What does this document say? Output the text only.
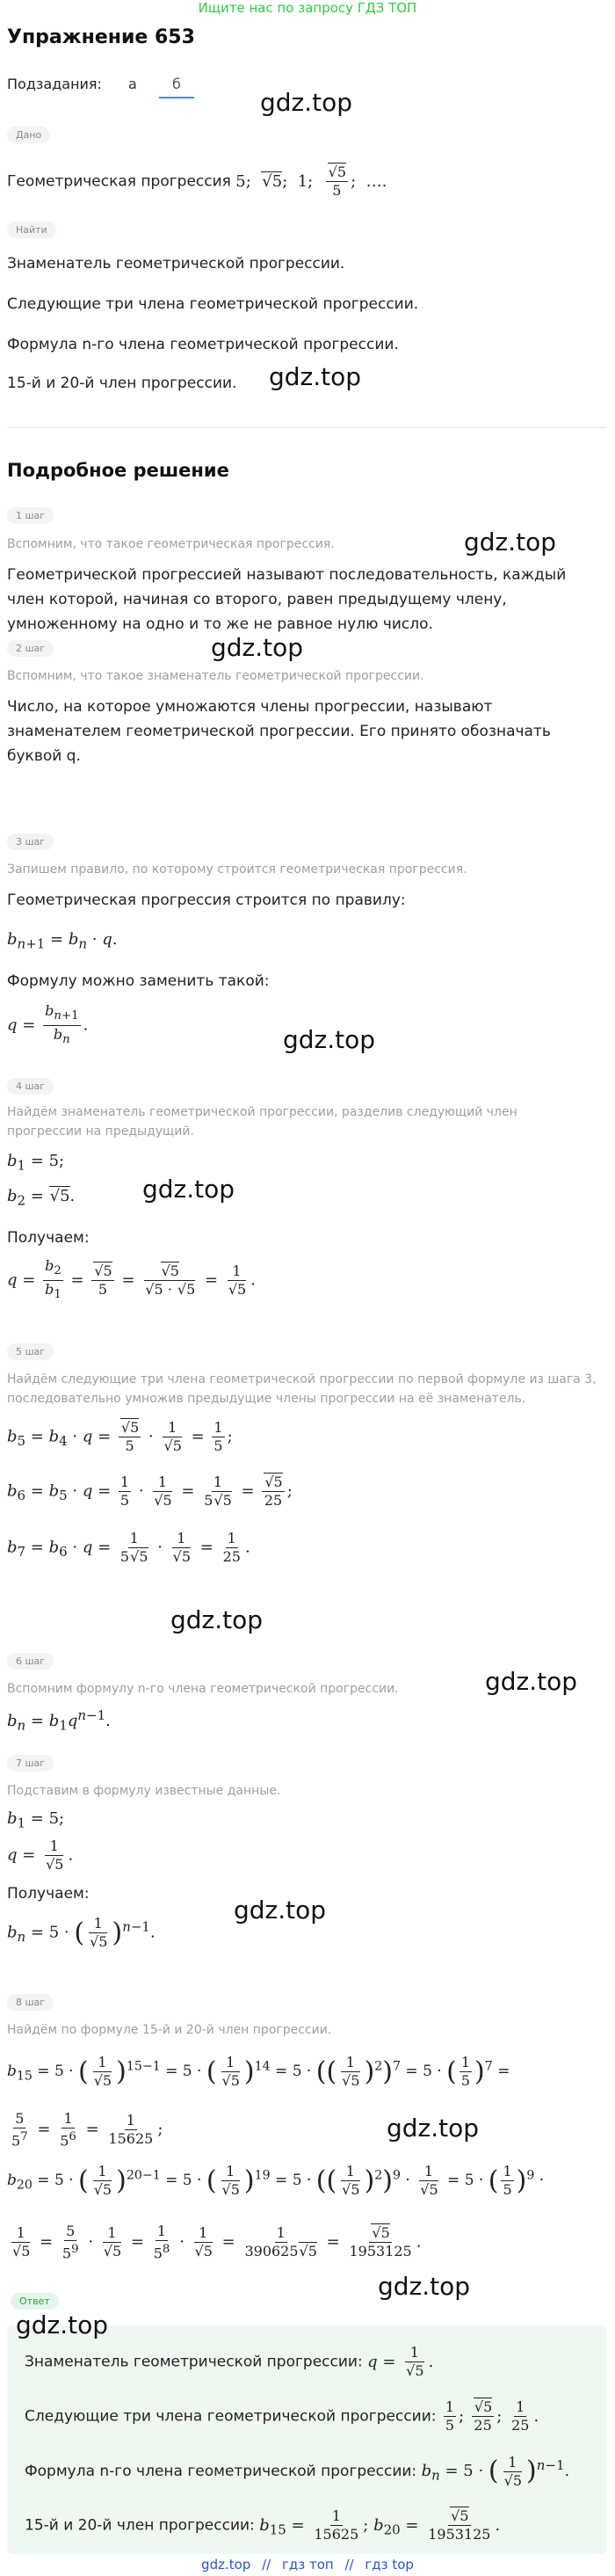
Ищите нас по запросу ГДЗ ТОП
Упражнение 653
Подзадания: а	б
gdz.top
Дано
Геометрическая прогрессия 5;  √ 5;  1; √ $\frac{5}{5}$ ;  ….
Найти
Знаменатель геометрической прогрессии.
Следующие три члена геометрической прогрессии.
Формула n-го члена геометрической прогрессии.
15-й и 20-й член прогрессии. gdz.top
Подробное решение
1 шаг
Вспомним, что такое геометрическая прогрессия.	gdz.top
Геометрической прогрессией называют последовательность, каждый член которой, начиная со второго, равен предыдущему члену, умноженному на одно и то же не равное нулю число.
2 шаг	gdz.top
Вспомним, что такое знаменатель геометрической прогрессии.
Число, на которое умножаются члены прогрессии, называют знаменателем геометрической прогрессии. Его принято обозначать буквой q.
3 шаг
Запишем правило, по которому строится геометрическая прогрессия.
Геометрическая прогрессия строится по правилу:
$b_{n+1} = b_n \cdot q$.
Формулу можно заменить такой:
$q = \frac{b_{n+1}}{b_n}$ .	gdz.top
4 шаг
Найдём знаменатель геометрической прогрессии, разделив следующий член прогрессии на предыдущий.
$b_1 = 5$;
$b_2$ = √ 5.	gdz.top
Получаем:
$q = \frac{b_2}{b_1}$ = √ $\frac{5}{5}$ = √ 5
√ 5 · √ 5 = 1
√ 5 .
5 шаг
Найдём следующие три члена геометрической прогрессии по первой формуле из шага 3, последовательно умножив предыдущие члены прогрессии на её знаменатель.
$b_5 = b_4 \cdot q$ = √ $\frac{5}{5} \cdot 1$
√ $5 = \frac{1}{5}$ ;
$b_6 = b_5 \cdot q = \frac{1}{5} \cdot 1$
√ $5 = \frac{1}{5 √ 5}$ = √ $\frac{5}{25}$ ;
$b_7 = b_6 \cdot q = \frac{1}{5 √ 5} \cdot 1$
√ $5 = \frac{1}{25}$ .
gdz.top
6 шаг
Вспомним формулу n-го члена геометрической прогрессии.	gdz.top
$b_n = b_1q^{n-1}$.
7 шаг
Подставим в формулу известные данные.
$b_1 = 5$;
q = 1
√ 5 .
Получаем:
$b_n = 5$ · ( 1
√ 5 )$^{n-1}$.
gdz.top
8 шаг
Найдём по формуле 15-й и 20-й член прогрессии.
$b_{15} = 5$ · ( 1
√ 5 )$^{15-1}$ = 5 · ( 1
√ 5 )$^{14}$ = 5 · (( 1
√ 5 )$^2$)$^7$ = 5 · ( $\frac{1}{5} )^7$ =
$\frac{5}{5^7} = \frac{1}{5^6} = \frac{1}{15625}$ ;	gdz.top
$b_{20} = 5$ · ( 1
√ 5 )$^{20-1}$ = 5 · ( 1
√ 5 )$^{19}$ = 5 · (( 1
√ 5 )$^2$)$^9$ · 1
√ 5 = 5 · ( $\frac{1}{5} )^9$ ·
1
√ $5 = \frac{5}{5^9} \cdot 1$
√ $5 = \frac{1}{5^8} \cdot 1$
√ $5 = \frac{1}{390625 √ 5}$ = √ $\frac{5}{1953125}$ .
gdz.top
Ответ
gdz.top
Знаменатель геометрической прогрессии: q = 1
√ 5 .
Следующие три члена геометрической прогрессии: $\frac{1}{5}$ ; √ $\frac{5}{25}$ ; $\frac{1}{25}$ .
Формула n-го члена геометрической прогрессии: $b_n = 5$ · ( 1
√ 5 )$^{n-1}$.
15-й и 20-й член прогрессии: $b_{15} = \frac{1}{15625}$ ; $b_{20}$ = √ $\frac{5}{1953125}$ .
gdz.top // гдз топ // гдз top
